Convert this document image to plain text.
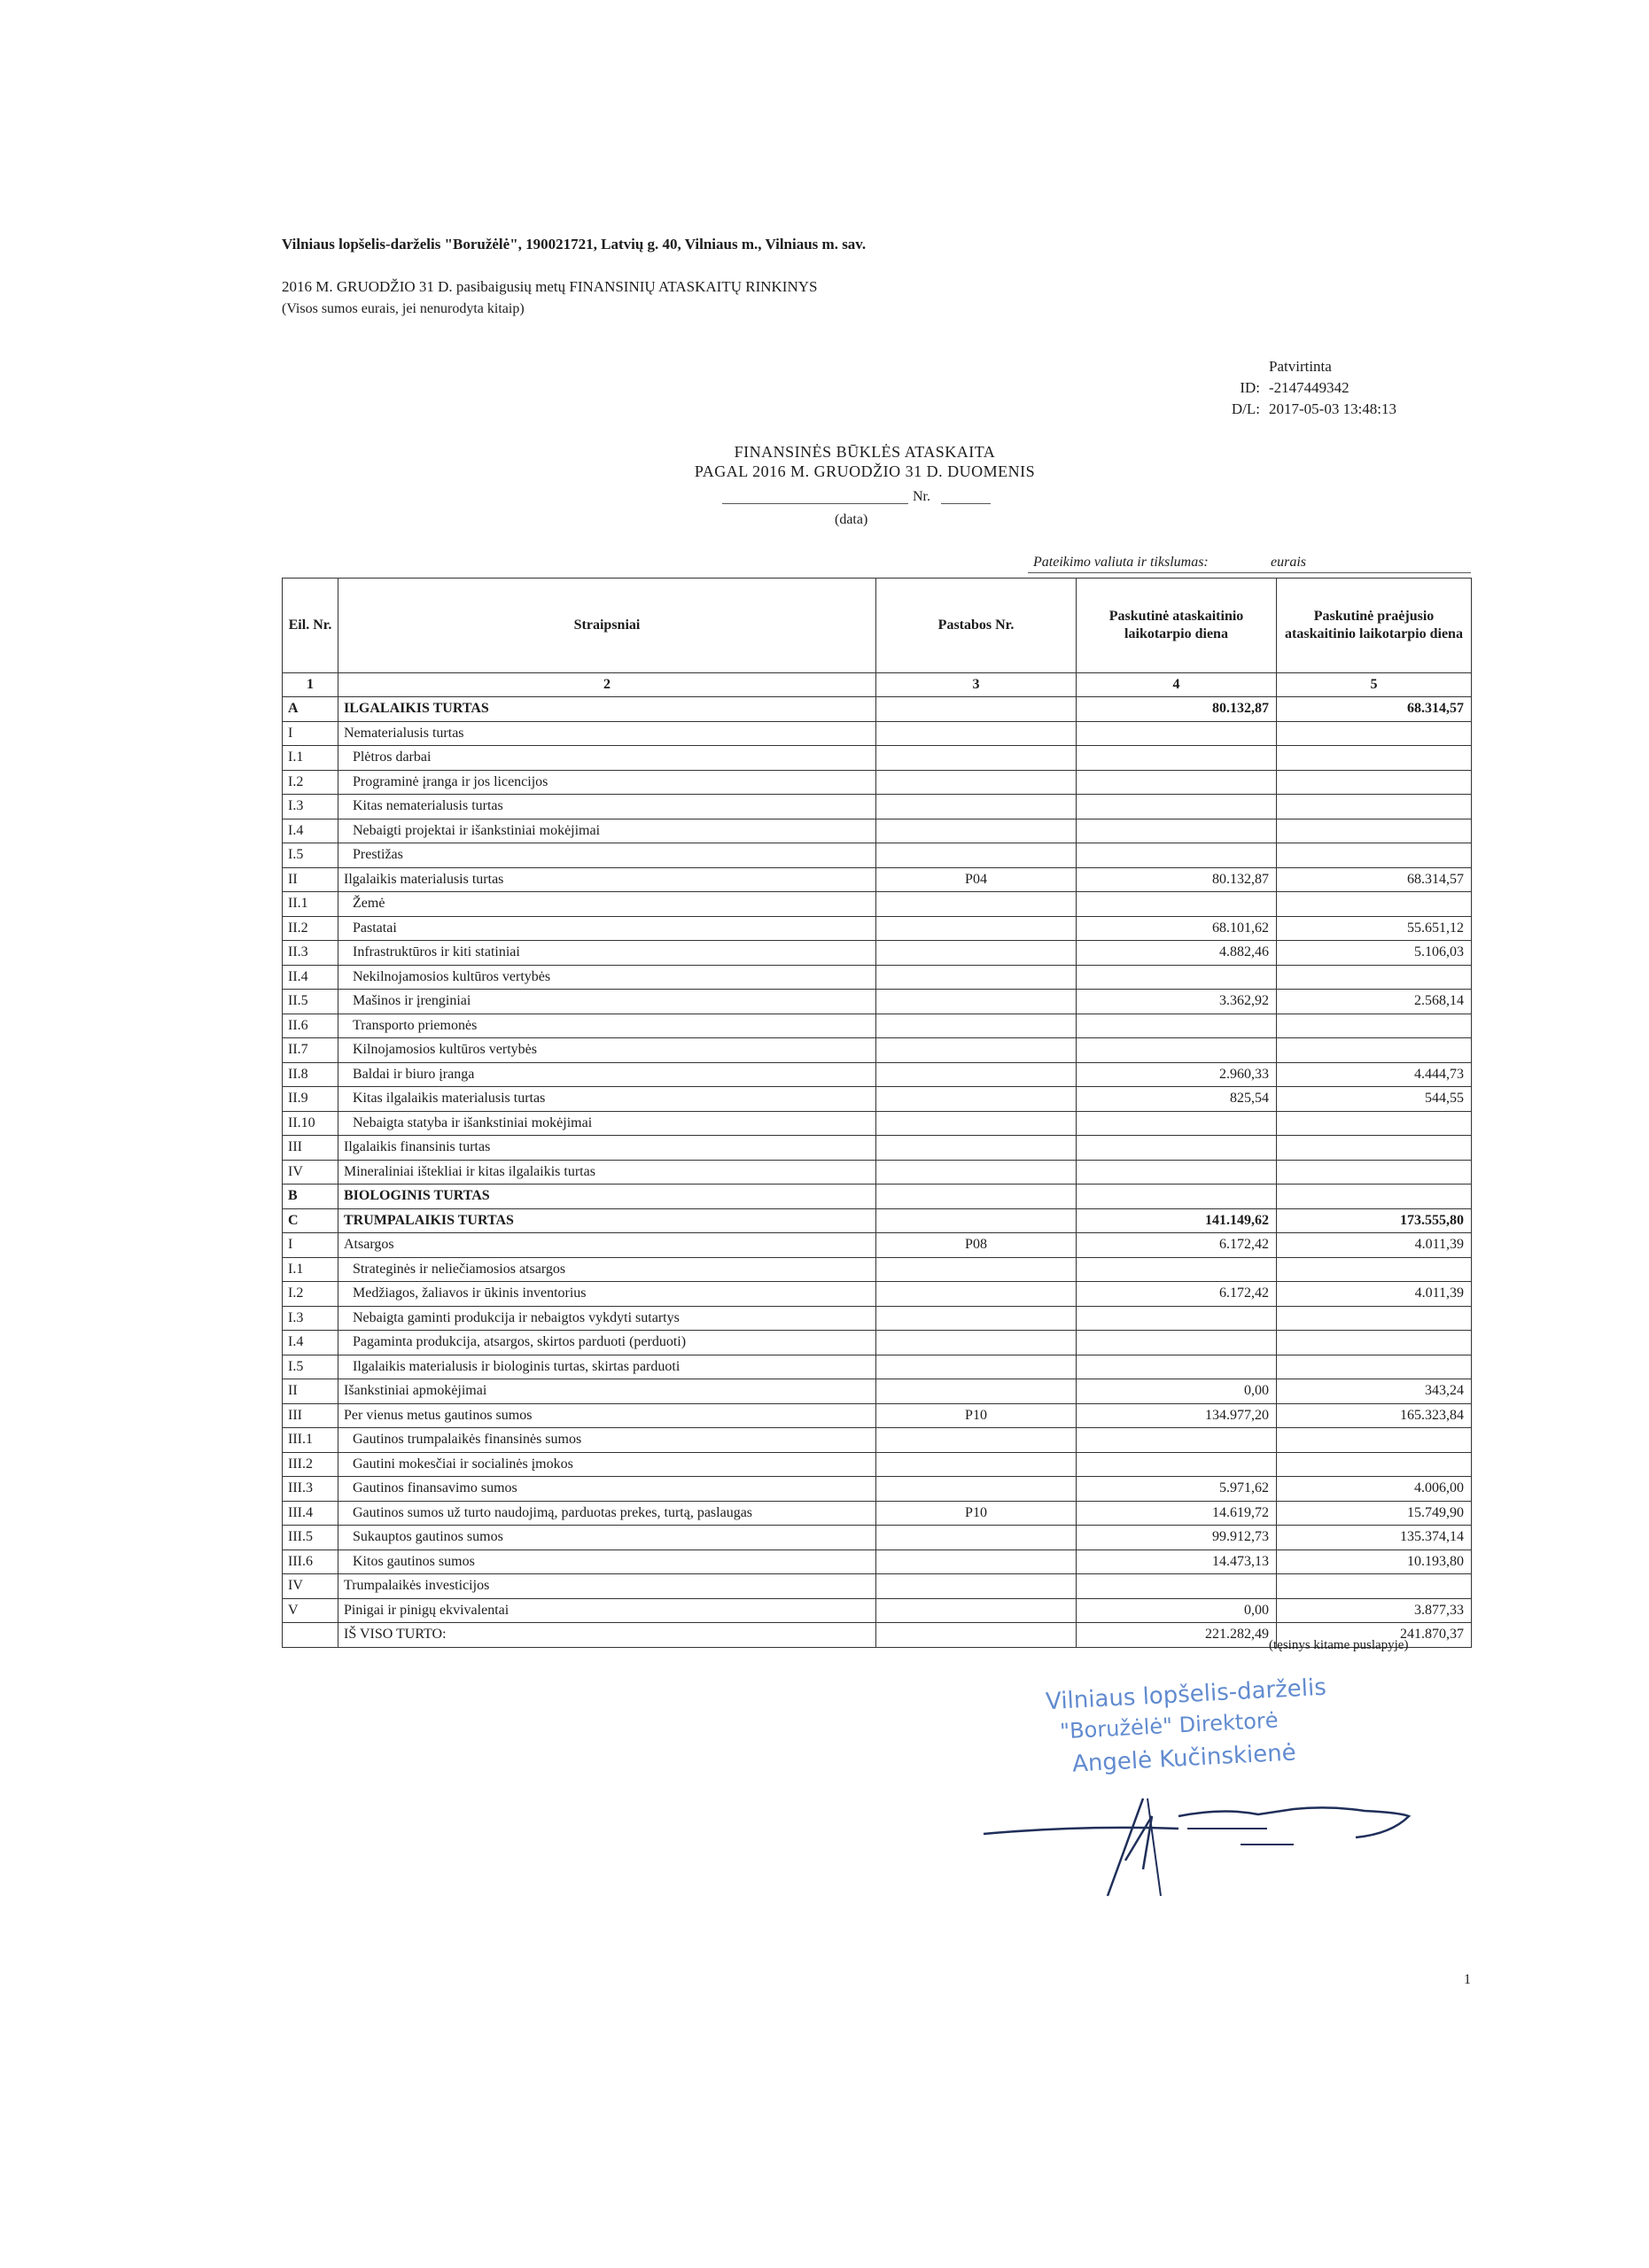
Vilniaus lopšelis-darželis "Boružėlė", 190021721, Latvių g. 40, Vilniaus m., Vilniaus m. sav.
2016 M. GRUODŽIO 31 D. pasibaigusių metų FINANSINIŲ ATASKAITŲ RINKINYS
(Visos sumos eurais, jei nenurodyta kitaip)
Patvirtinta
ID: -2147449342
D/L: 2017-05-03 13:48:13
FINANSINĖS BŪKLĖS ATASKAITA
PAGAL 2016 M. GRUODŽIO 31 D. DUOMENIS
Nr.
(data)
Pateikimo valiuta ir tikslumas:	eurais
Eil. Nr.	Straipsniai	Pastabos Nr.	Paskutinė ataskaitinio laikotarpio diena	Paskutinė praėjusio ataskaitinio laikotarpio diena
1	2	3	4	5
A	ILGALAIKIS TURTAS		80.132,87	68.314,57
I	Nematerialusis turtas			
I.1	Plėtros darbai			
I.2	Programinė įranga ir jos licencijos			
I.3	Kitas nematerialusis turtas			
I.4	Nebaigti projektai ir išankstiniai mokėjimai			
I.5	Prestižas			
II	Ilgalaikis materialusis turtas	P04	80.132,87	68.314,57
II.1	Žemė			
II.2	Pastatai		68.101,62	55.651,12
II.3	Infrastruktūros ir kiti statiniai		4.882,46	5.106,03
II.4	Nekilnojamosios kultūros vertybės			
II.5	Mašinos ir įrenginiai		3.362,92	2.568,14
II.6	Transporto priemonės			
II.7	Kilnojamosios kultūros vertybės			
II.8	Baldai ir biuro įranga		2.960,33	4.444,73
II.9	Kitas ilgalaikis materialusis turtas		825,54	544,55
II.10	Nebaigta statyba ir išankstiniai mokėjimai			
III	Ilgalaikis finansinis turtas			
IV	Mineraliniai ištekliai ir kitas ilgalaikis turtas			
B	BIOLOGINIS TURTAS			
C	TRUMPALAIKIS TURTAS		141.149,62	173.555,80
I	Atsargos	P08	6.172,42	4.011,39
I.1	Strateginės ir neliečiamosios atsargos			
I.2	Medžiagos, žaliavos ir ūkinis inventorius		6.172,42	4.011,39
I.3	Nebaigta gaminti produkcija ir nebaigtos vykdyti sutartys			
I.4	Pagaminta produkcija, atsargos, skirtos parduoti (perduoti)			
I.5	Ilgalaikis materialusis ir biologinis turtas, skirtas parduoti			
II	Išankstiniai apmokėjimai		0,00	343,24
III	Per vienus metus gautinos sumos	P10	134.977,20	165.323,84
III.1	Gautinos trumpalaikės finansinės sumos			
III.2	Gautini mokesčiai ir socialinės įmokos			
III.3	Gautinos finansavimo sumos		5.971,62	4.006,00
III.4	Gautinos sumos už turto naudojimą, parduotas prekes, turtą, paslaugas	P10	14.619,72	15.749,90
III.5	Sukauptos gautinos sumos		99.912,73	135.374,14
III.6	Kitos gautinos sumos		14.473,13	10.193,80
IV	Trumpalaikės investicijos			
V	Pinigai ir pinigų ekvivalentai		0,00	3.877,33
	IŠ VISO TURTO:		221.282,49	241.870,37
(tęsinys kitame puslapyje)
Vilniaus lopšelis-darželis
"Boružėlė" Direktorė
Angelė Kučinskienė
1
